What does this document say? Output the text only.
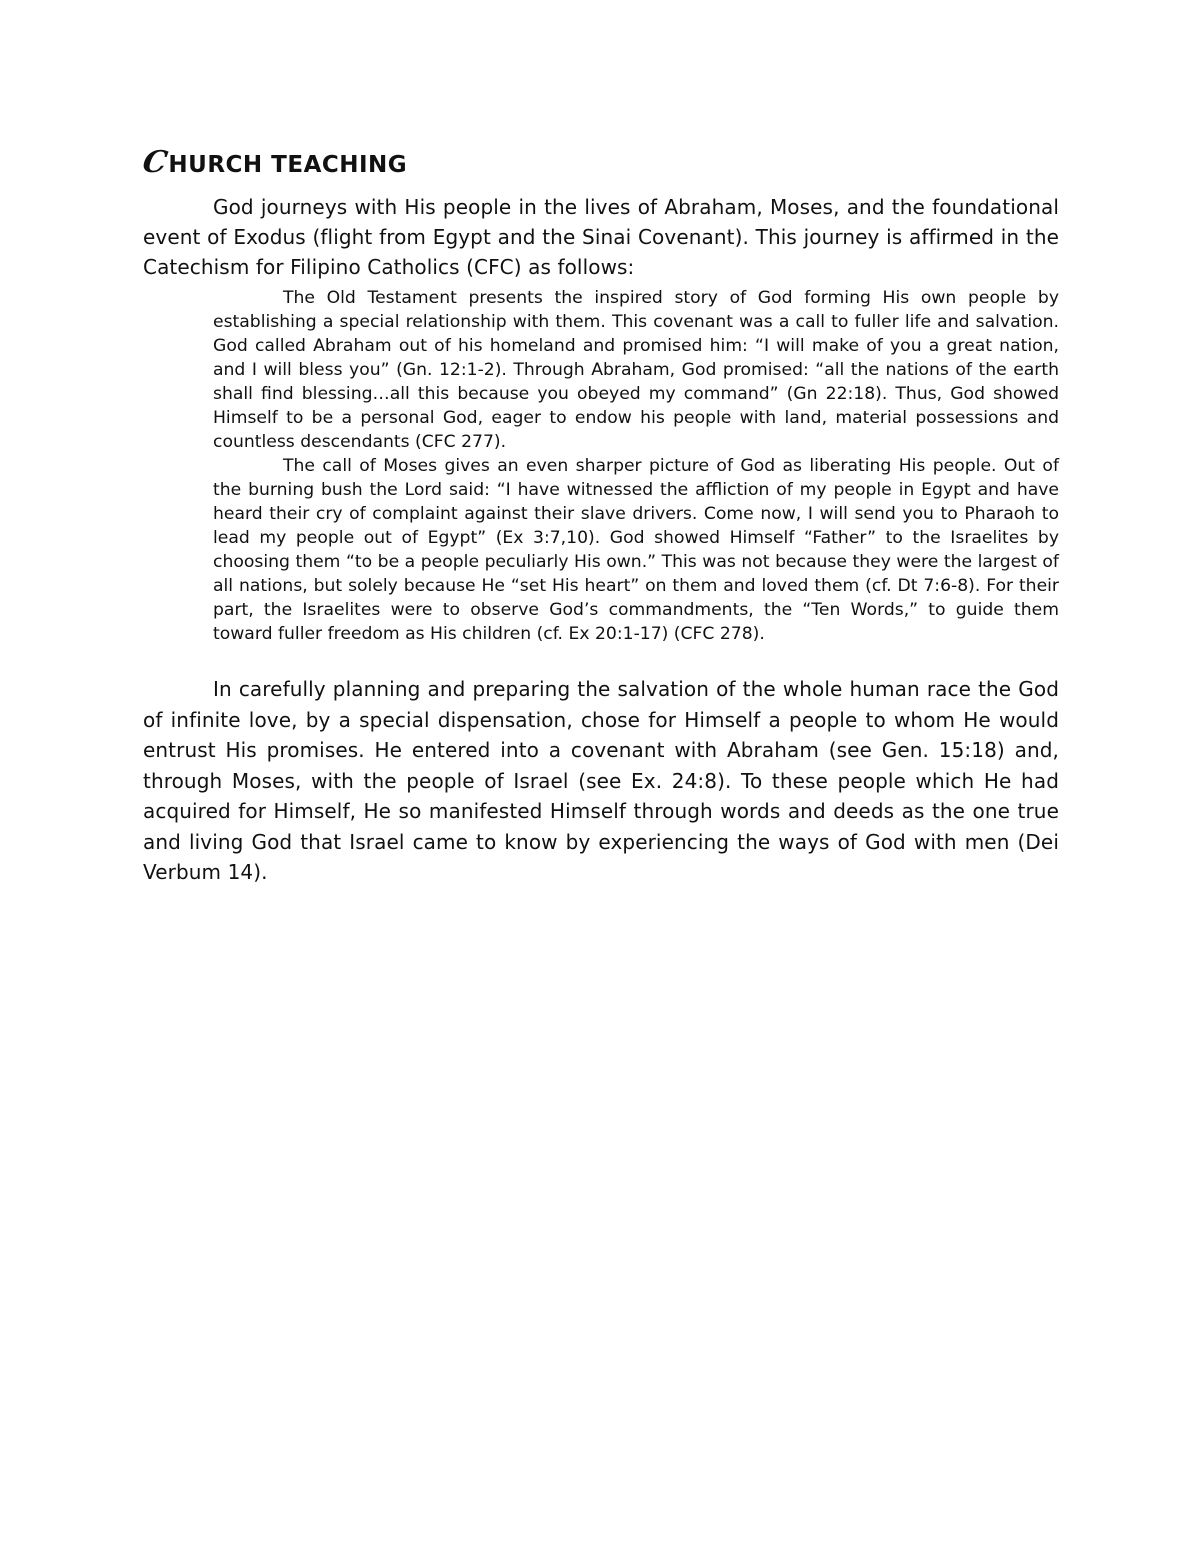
C
HURCH TEACHING

God journeys with His people in the lives of Abraham, Moses, and the foundational event of Exodus (flight from Egypt and the Sinai Covenant). This journey is affirmed in the Catechism for Filipino Catholics (CFC) as follows:

The Old Testament presents the inspired story of God forming His own people by establishing a special relationship with them. This covenant was a call to fuller life and salvation. God called Abraham out of his homeland and promised him: “I will make of you a great nation, and I will bless you” (Gn. 12:1-2). Through Abraham, God promised: “all the nations of the earth shall find blessing…all this because you obeyed my command” (Gn 22:18). Thus, God showed Himself to be a personal God, eager to endow his people with land, material possessions and countless descendants (CFC 277).

The call of Moses gives an even sharper picture of God as liberating His people. Out of the burning bush the Lord said: “I have witnessed the affliction of my people in Egypt and have heard their cry of complaint against their slave drivers. Come now, I will send you to Pharaoh to lead my people out of Egypt” (Ex 3:7,10). God showed Himself “Father” to the Israelites by choosing them “to be a people peculiarly His own.” This was not because they were the largest of all nations, but solely because He “set His heart” on them and loved them (cf. Dt 7:6-8). For their part, the Israelites were to observe God’s commandments, the “Ten Words,” to guide them toward fuller freedom as His children (cf. Ex 20:1-17) (CFC 278).

In carefully planning and preparing the salvation of the whole human race the God of infinite love, by a special dispensation, chose for Himself a people to whom He would entrust His promises. He entered into a covenant with Abraham (see Gen. 15:18) and, through Moses, with the people of Israel (see Ex. 24:8). To these people which He had acquired for Himself, He so manifested Himself through words and deeds as the one true and living God that Israel came to know by experiencing the ways of God with men (Dei Verbum 14).
